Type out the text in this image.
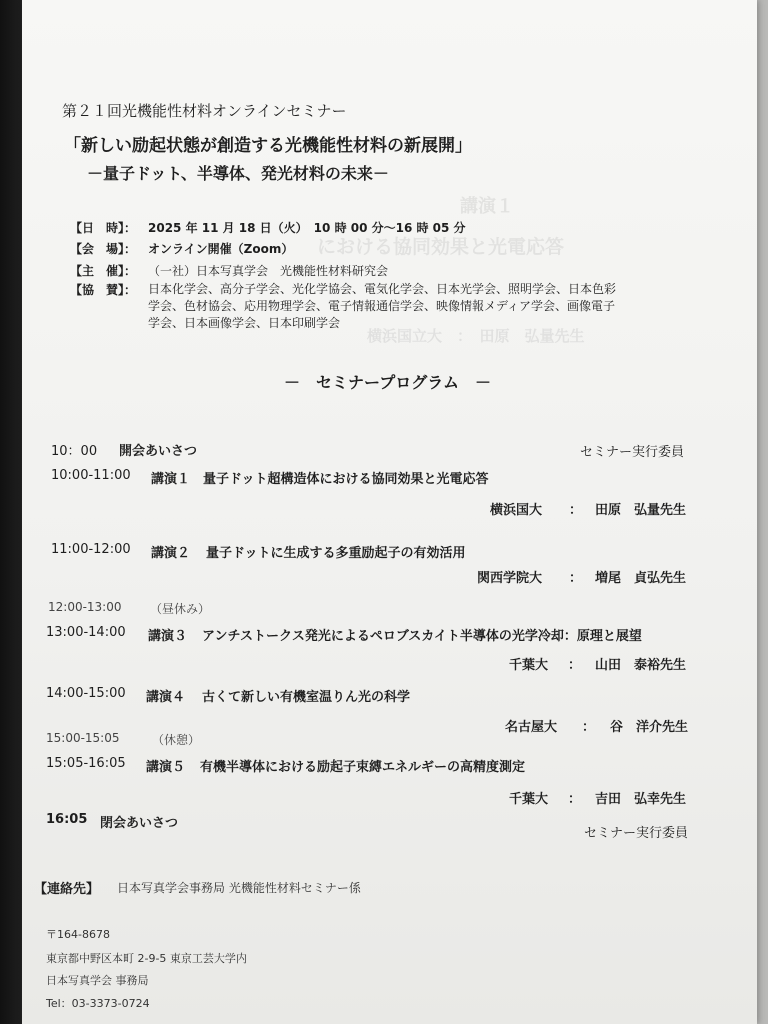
講演１
における協同効果と光電応答
横浜国立大　：　田原　弘量先生
第２１回光機能性材料オンラインセミナー
「新しい励起状態が創造する光機能性材料の新展開」
－量子ドット、半導体、発光材料の未来－
【日　時】： 2025 年 11 月 18 日（火）　10 時 00 分～16 時 05 分
【会　場】： オンライン開催（Zoom）
【主　催】： （一社）日本写真学会　光機能性材料研究会
【協　賛】： 日本化学会、高分子学会、光化学協会、電気化学会、日本光学会、照明学会、日本色彩
学会、色材協会、応用物理学会、電子情報通信学会、映像情報メディア学会、画像電子
学会、日本画像学会、日本印刷学会
－　セミナープログラム　－
10：00 開会あいさつ	セミナー実行委員
10:00-11:00 講演１ 量子ドット超構造体における協同効果と光電応答
横浜国大 ： 田原　弘量先生
11:00-12:00 講演２ 量子ドットに生成する多重励起子の有効活用
関西学院大 ： 増尾　貞弘先生
12:00-13:00 （昼休み）
13:00-14:00 講演３ アンチストークス発光によるペロブスカイト半導体の光学冷却：原理と展望
千葉大 ： 山田　泰裕先生
14:00-15:00 講演４ 古くて新しい有機室温りん光の科学
名古屋大 ： 谷　洋介先生
15:00-15:05	（休憩）
15:05-16:05 講演５ 有機半導体における励起子束縛エネルギーの高精度測定
千葉大 ： 吉田　弘幸先生
16:05 閉会あいさつ
セミナー実行委員
【連絡先】 日本写真学会事務局 光機能性材料セミナー係
〒164-8678
東京都中野区本町 2-9-5 東京工芸大学内
日本写真学会 事務局
Tel：03-3373-0724
